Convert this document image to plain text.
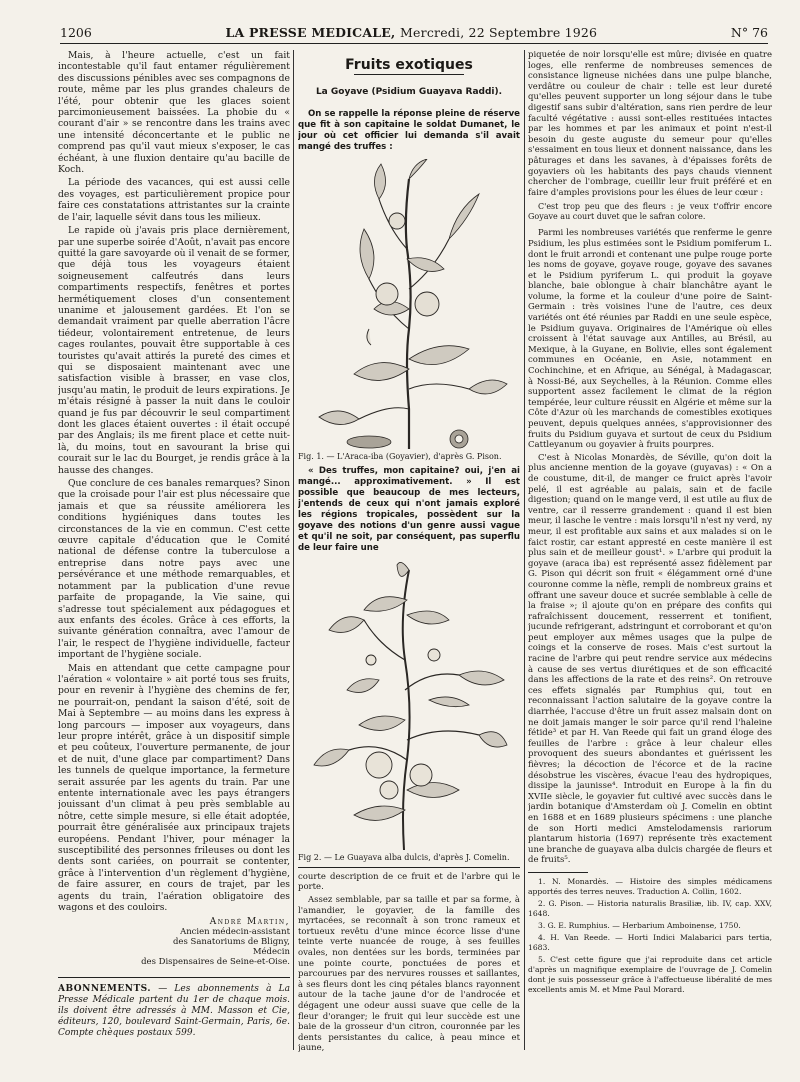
1206	LA PRESSE MEDICALE, Mercredi, 22 Septembre 1926	N° 76

Mais, à l'heure actuelle, c'est un fait incontestable qu'il faut entamer régulièrement des discussions pénibles avec ses compagnons de route, même par les plus grandes chaleurs de l'été, pour obtenir que les glaces soient parcimonieusement baissées. La phobie du « courant d'air » se rencontre dans les trains avec une intensité déconcertante et le public ne comprend pas qu'il vaut mieux s'exposer, le cas échéant, à une fluxion dentaire qu'au bacille de Koch.

La période des vacances, qui est aussi celle des voyages, est particulièrement propice pour faire ces constatations attristantes sur la crainte de l'air, laquelle sévit dans tous les milieux.

Le rapide où j'avais pris place dernièrement, par une superbe soirée d'Août, n'avait pas encore quitté la gare savoyarde où il venait de se former, que déjà tous les voyageurs étaient soigneusement calfeutrés dans leurs compartiments respectifs, fenêtres et portes hermétiquement closes d'un consentement unanime et jalousement gardées. Et l'on se demandait vraiment par quelle aberration l'âcre tiédeur, volontairement entretenue, de leurs cages roulantes, pouvait être supportable à ces touristes qu'avait attirés la pureté des cimes et qui se disposaient maintenant avec une satisfaction visible à brasser, en vase clos, jusqu'au matin, le produit de leurs expirations. Je m'étais résigné à passer la nuit dans le couloir quand je fus par découvrir le seul compartiment dont les glaces étaient ouvertes : il était occupé par des Anglais; ils me firent place et cette nuit-là, du moins, tout en savourant la brise qui courait sur le lac du Bourget, je rendis grâce à la hausse des changes.

Que conclure de ces banales remarques? Sinon que la croisade pour l'air est plus nécessaire que jamais et que sa réussite améliorera les conditions hygiéniques dans toutes les circonstances de la vie en commun. C'est cette œuvre capitale d'éducation que le Comité national de défense contre la tuberculose a entreprise dans notre pays avec une persévérance et une méthode remarquables, et notamment par la publication d'une revue parfaite de propagande, la Vie saine, qui s'adresse tout spécialement aux pédagogues et aux enfants des écoles. Grâce à ces efforts, la suivante génération connaîtra, avec l'amour de l'air, le respect de l'hygiène individuelle, facteur important de l'hygiène sociale.

Mais en attendant que cette campagne pour l'aération « volontaire » ait porté tous ses fruits, pour en revenir à l'hygiène des chemins de fer, ne pourrait-on, pendant la saison d'été, soit de Mai à Septembre — au moins dans les express à long parcours — imposer aux voyageurs, dans leur propre intérêt, grâce à un dispositif simple et peu coûteux, l'ouverture permanente, de jour et de nuit, d'une glace par compartiment? Dans les tunnels de quelque importance, la fermeture serait assurée par les agents du train. Par une entente internationale avec les pays étrangers jouissant d'un climat à peu près semblable au nôtre, cette simple mesure, si elle était adoptée, pourrait être généralisée aux principaux trajets européens. Pendant l'hiver, pour ménager la susceptibilité des personnes frileuses ou dont les dents sont cariées, on pourrait se contenter, grâce à l'intervention d'un règlement d'hygiène, de faire assurer, en cours de trajet, par les agents du train, l'aération obligatoire des wagons et des couloirs.

André Martin,
Ancien médecin-assistant
des Sanatoriums de Bligny,
Médecin
des Dispensaires de Seine-et-Oise.

ABONNEMENTS. — Les abonnements à La Presse Médicale partent du 1er de chaque mois. ils doivent être adressés à MM. Masson et Cie, éditeurs, 120, boulevard Saint-Germain, Paris, 6e. Compte chèques postaux 599.

Fruits exotiques
La Goyave (Psidium Guayava Raddi).

On se rappelle la réponse pleine de réserve que fit à son capitaine le soldat Dumanet, le jour où cet officier lui demanda s'il avait mangé des truffes :

Fig. 1. — L'Araca-iba (Goyavier), d'après G. Pison.

« Des truffes, mon capitaine? oui, j'en ai mangé... approximativement. » Il est possible que beaucoup de mes lecteurs, j'entends de ceux qui n'ont jamais exploré les régions tropicales, possèdent sur la goyave des notions d'un genre aussi vague et qu'il ne soit, par conséquent, pas superflu de leur faire une

Fig 2. — Le Guayava alba dulcis, d'après J. Comelin.

courte description de ce fruit et de l'arbre qui le porte.

Assez semblable, par sa taille et par sa forme, à l'amandier, le goyavier, de la famille des myrtacées, se reconnaît à son tronc rameux et tortueux revêtu d'une mince écorce lisse d'une teinte verte nuancée de rouge, à ses feuilles ovales, non dentées sur les bords, terminées par une pointe courte, ponctuées de pores et parcourues par des nervures rousses et saillantes, à ses fleurs dont les cinq pétales blancs rayonnent autour de la tache jaune d'or de l'androcée et dégagent une odeur aussi suave que celle de la fleur d'oranger; le fruit qui leur succède est une baie de la grosseur d'un citron, couronnée par les dents persistantes du calice, à peau mince et jaune,

piquetée de noir lorsqu'elle est mûre; divisée en quatre loges, elle renferme de nombreuses semences de consistance ligneuse nichées dans une pulpe blanche, verdâtre ou couleur de chair : telle est leur dureté qu'elles peuvent supporter un long séjour dans le tube digestif sans subir d'altération, sans rien perdre de leur faculté végétative : aussi sont-elles restituées intactes par les hommes et par les animaux et point n'est-il besoin du geste auguste du semeur pour qu'elles s'essaiment en tous lieux et donnent naissance, dans les pâturages et dans les savanes, à d'épaisses forêts de goyaviers où les habitants des pays chauds viennent chercher de l'ombrage, cueillir leur fruit préféré et en faire d'amples provisions pour les élues de leur cœur :

C'est trop peu que des fleurs : je veux t'offrir encore Goyave au court duvet que le safran colore.

Parmi les nombreuses variétés que renferme le genre Psidium, les plus estimées sont le Psidium pomiferum L. dont le fruit arrondi et contenant une pulpe rouge porte les noms de goyave, goyave rouge, goyave des savanes et le Psidium pyriferum L. qui produit la goyave blanche, baie oblongue à chair blanchâtre ayant le volume, la forme et la couleur d'une poire de Saint-Germain : très voisines l'une de l'autre, ces deux variétés ont été réunies par Raddi en une seule espèce, le Psidium guyava. Originaires de l'Amérique où elles croissent à l'état sauvage aux Antilles, au Brésil, au Mexique, à la Guyane, en Bolivie, elles sont également communes en Océanie, en Asie, notamment en Cochinchine, et en Afrique, au Sénégal, à Madagascar, à Nossi-Bé, aux Seychelles, à la Réunion. Comme elles supportent assez facilement le climat de la région tempérée, leur culture réussit en Algérie et même sur la Côte d'Azur où les marchands de comestibles exotiques peuvent, depuis quelques années, s'approvisionner des fruits du Psidium guyava et surtout de ceux du Psidium Cattleyanum ou goyavier à fruits pourpres.

C'est à Nicolas Monardès, de Séville, qu'on doit la plus ancienne mention de la goyave (guyavas) : « On a de coustume, dit-il, de manger ce fruict après l'avoir pelé, il est agréable au palais, sain et de facile digestion; quand on le mange verd, il est utile au flux de ventre, car il resserre grandement : quand il est bien meur, il lasche le ventre : mais lorsqu'il n'est ny verd, ny meur, il est profitable aux sains et aux malades si on le faict rostir, car estant appresté en ceste manière il est plus sain et de meilleur goust¹. » L'arbre qui produit la goyave (araca iba) est représenté assez fidèlement par G. Pison qui décrit son fruit « élégamment orné d'une couronne comme la nèfle, rempli de nombreux grains et offrant une saveur douce et sucrée semblable à celle de la fraise »; il ajoute qu'on en prépare des confits qui rafraîchissent doucement, resserrent et tonifient, jucunde refrigerant, adstringunt et corroborant et qu'on peut employer aux mêmes usages que la pulpe de coings et la conserve de roses. Mais c'est surtout la racine de l'arbre qui peut rendre service aux médecins à cause de ses vertus diurétiques et de son efficacité dans les affections de la rate et des reins². On retrouve ces effets signalés par Rumphius qui, tout en reconnaissant l'action salutaire de la goyave contre la diarrhée, l'accuse d'être un fruit assez malsain dont on ne doit jamais manger le soir parce qu'il rend l'haleine fétide³ et par H. Van Reede qui fait un grand éloge des feuilles de l'arbre : grâce à leur chaleur elles provoquent des sueurs abondantes et guérissent les fièvres; la décoction de l'écorce et de la racine désobstrue les viscères, évacue l'eau des hydropiques, dissipe la jaunisse⁴. Introduit en Europe à la fin du XVIIe siècle, le goyavier fut cultivé avec succès dans le jardin botanique d'Amsterdam où J. Comelin en obtint en 1688 et en 1689 plusieurs spécimens : une planche de son Horti medici Amstelodamensis rariorum plantarum historia (1697) représente très exactement une branche de guayava alba dulcis chargée de fleurs et de fruits⁵.

1. N. Monardès. — Histoire des simples médicamens apportés des terres neuves. Traduction A. Collin, 1602.

2. G. Pison. — Historia naturalis Brasiliæ, lib. IV, cap. XXV, 1648.

3. G. E. Rumphius. — Herbarium Amboinense, 1750.

4. H. Van Reede. — Horti Indici Malabarici pars tertia, 1683.

5. C'est cette figure que j'ai reproduite dans cet article d'après un magnifique exemplaire de l'ouvrage de J. Comelin dont je suis possesseur grâce à l'affectueuse libéralité de mes excellents amis M. et Mme Paul Morard.
